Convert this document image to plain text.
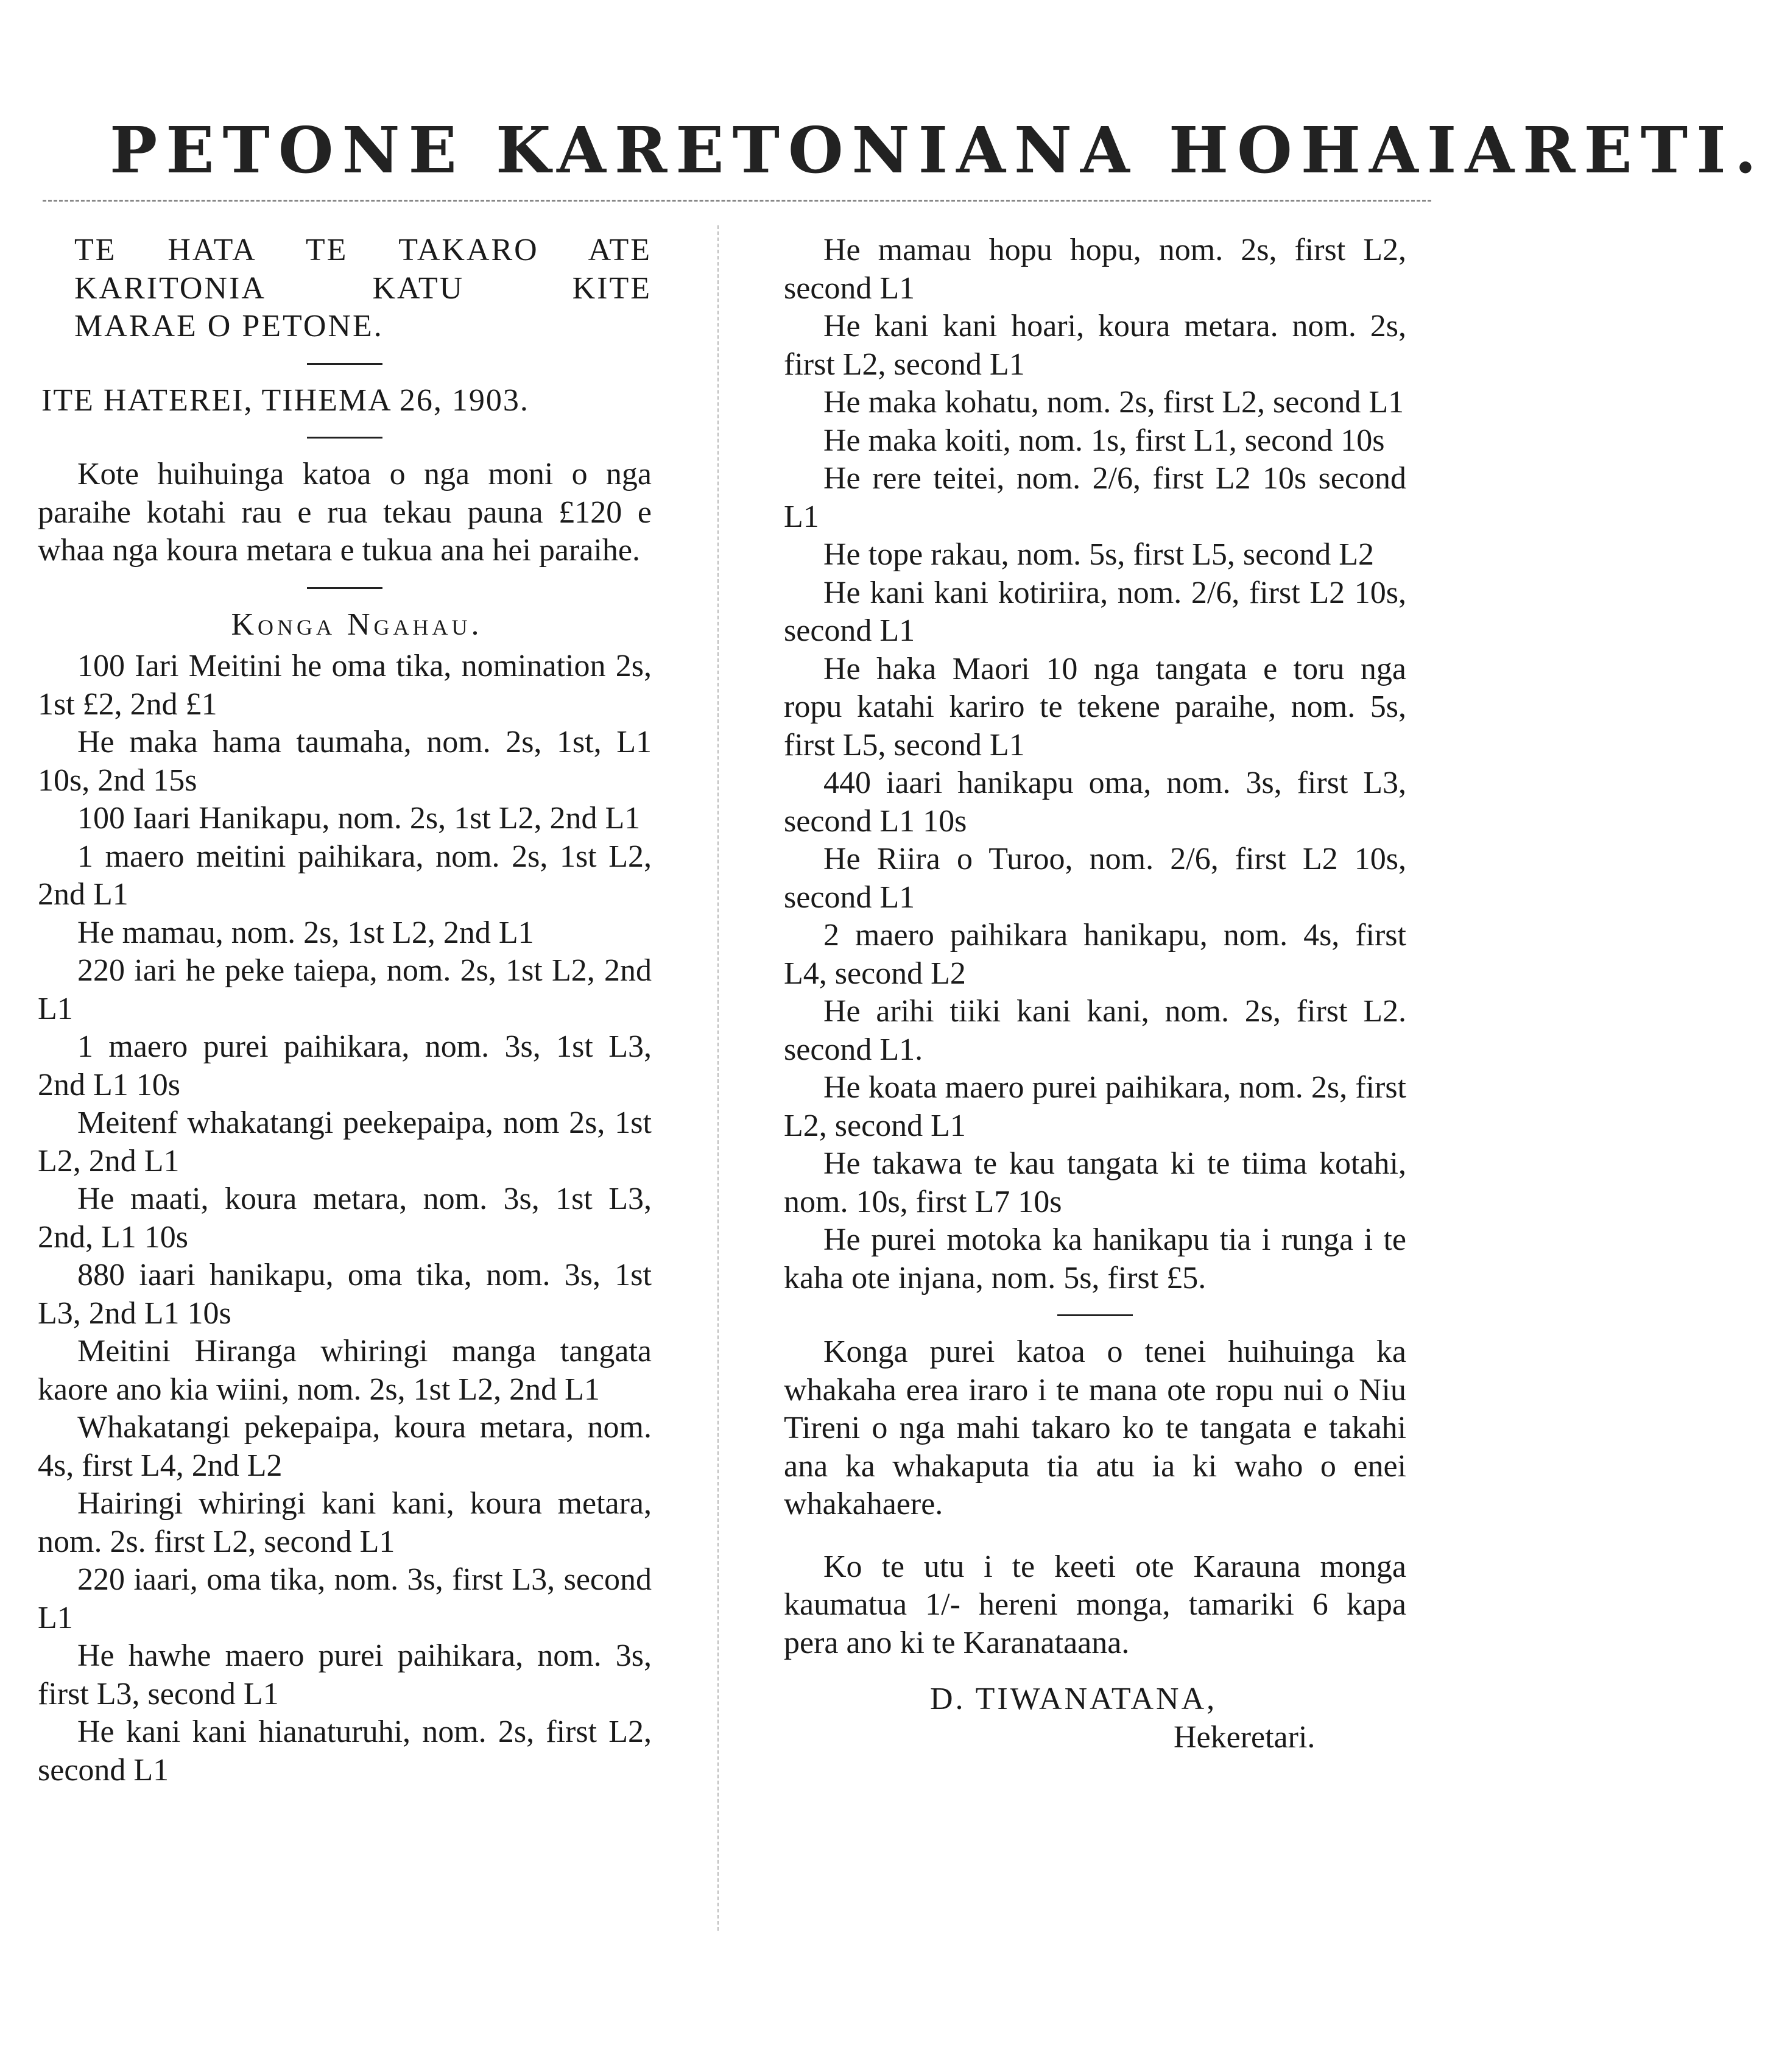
PETONE KARETONIANA HOHAIARETI.
TE HATA TE TAKARO ATE
KARITONIA KATU KITE
MARAE O PETONE.

ITE HATEREI, TIHEMA 26, 1903.

Kote huihuinga katoa o nga moni o nga paraihe kotahi rau e rua tekau pauna £120 e whaa nga koura metara e tukua ana hei paraihe.

Konga Ngahau.

100 Iari Meitini he oma tika, nomination 2s, 1st £2, 2nd £1

He maka hama taumaha, nom. 2s, 1st, L1 10s, 2nd 15s

100 Iaari Hanikapu, nom. 2s, 1st L2, 2nd L1

1 maero meitini paihikara, nom. 2s, 1st L2, 2nd L1

He mamau, nom. 2s, 1st L2, 2nd L1

220 iari he peke taiepa, nom. 2s, 1st L2, 2nd L1

1 maero purei paihikara, nom. 3s, 1st L3, 2nd L1 10s

Meitenf whakatangi peekepaipa, nom 2s, 1st L2, 2nd L1

He maati, koura metara, nom. 3s, 1st L3, 2nd, L1 10s

880 iaari hanikapu, oma tika, nom. 3s, 1st L3, 2nd L1 10s

Meitini Hiranga whiringi manga tangata kaore ano kia wiini, nom. 2s, 1st L2, 2nd L1

Whakatangi pekepaipa, koura metara, nom. 4s, first L4, 2nd L2

Hairingi whiringi kani kani, koura metara, nom. 2s. first L2, second L1

220 iaari, oma tika, nom. 3s, first L3, second L1

He hawhe maero purei paihikara, nom. 3s, first L3, second L1

He kani kani hianaturuhi, nom. 2s, first L2, second L1

He mamau hopu hopu, nom. 2s, first L2, second L1

He kani kani hoari, koura metara. nom. 2s, first L2, second L1

He maka kohatu, nom. 2s, first L2, second L1

He maka koiti, nom. 1s, first L1, second 10s

He rere teitei, nom. 2/6, first L2 10s second L1

He tope rakau, nom. 5s, first L5, second L2

He kani kani kotiriira, nom. 2/6, first L2 10s, second L1

He haka Maori 10 nga tangata e toru nga ropu katahi kariro te tekene paraihe, nom. 5s, first L5, second L1

440 iaari hanikapu oma, nom. 3s, first L3, second L1 10s

He Riira o Turoo, nom. 2/6, first L2 10s, second L1

2 maero paihikara hanikapu, nom. 4s, first L4, second L2

He arihi tiiki kani kani, nom. 2s, first L2. second L1.

He koata maero purei paihikara, nom. 2s, first L2, second L1

He takawa te kau tangata ki te tiima kotahi, nom. 10s, first L7 10s

He purei motoka ka hanikapu tia i runga i te kaha ote injana, nom. 5s, first £5.

Konga purei katoa o tenei huihuinga ka whakaha erea iraro i te mana ote ropu nui o Niu Tireni o nga mahi takaro ko te tangata e takahi ana ka whakaputa tia atu ia ki waho o enei whakahaere.

Ko te utu i te keeti ote Karauna monga kaumatua 1/- hereni monga, tamariki 6 kapa pera ano ki te Karanataana.

D. TIWANATANA,

Hekeretari.
